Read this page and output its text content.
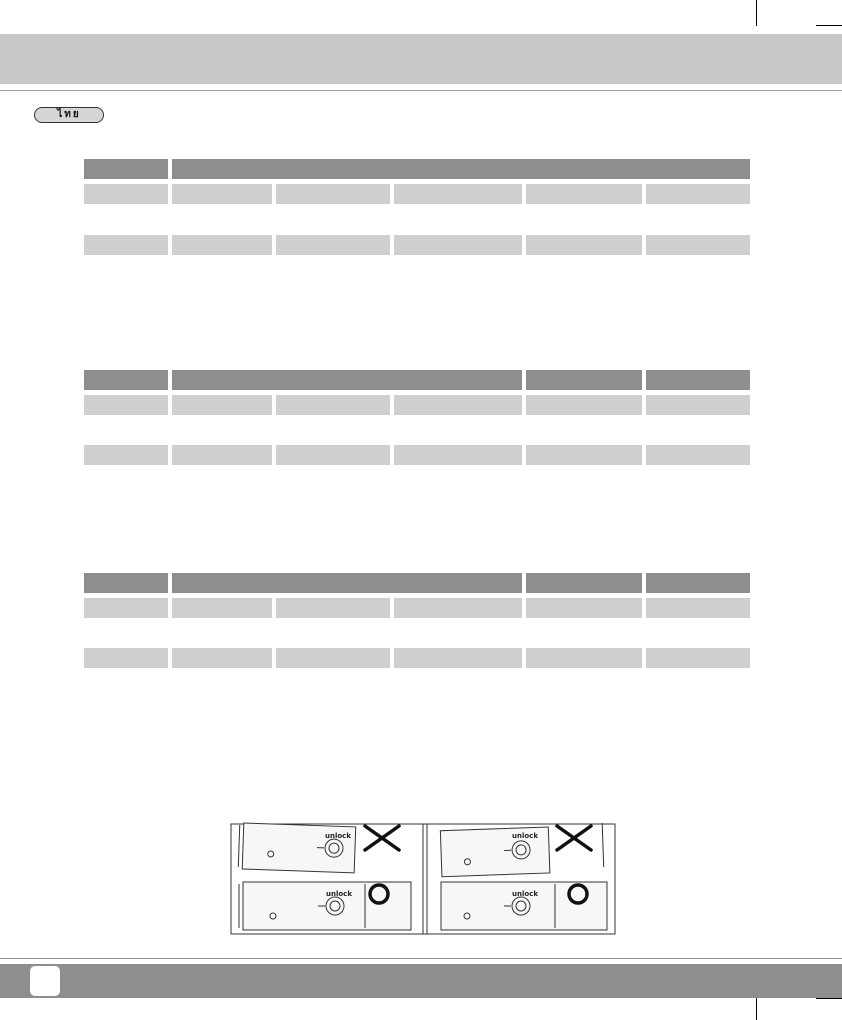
ไทย
unlock
unlock
unlock
unlock
